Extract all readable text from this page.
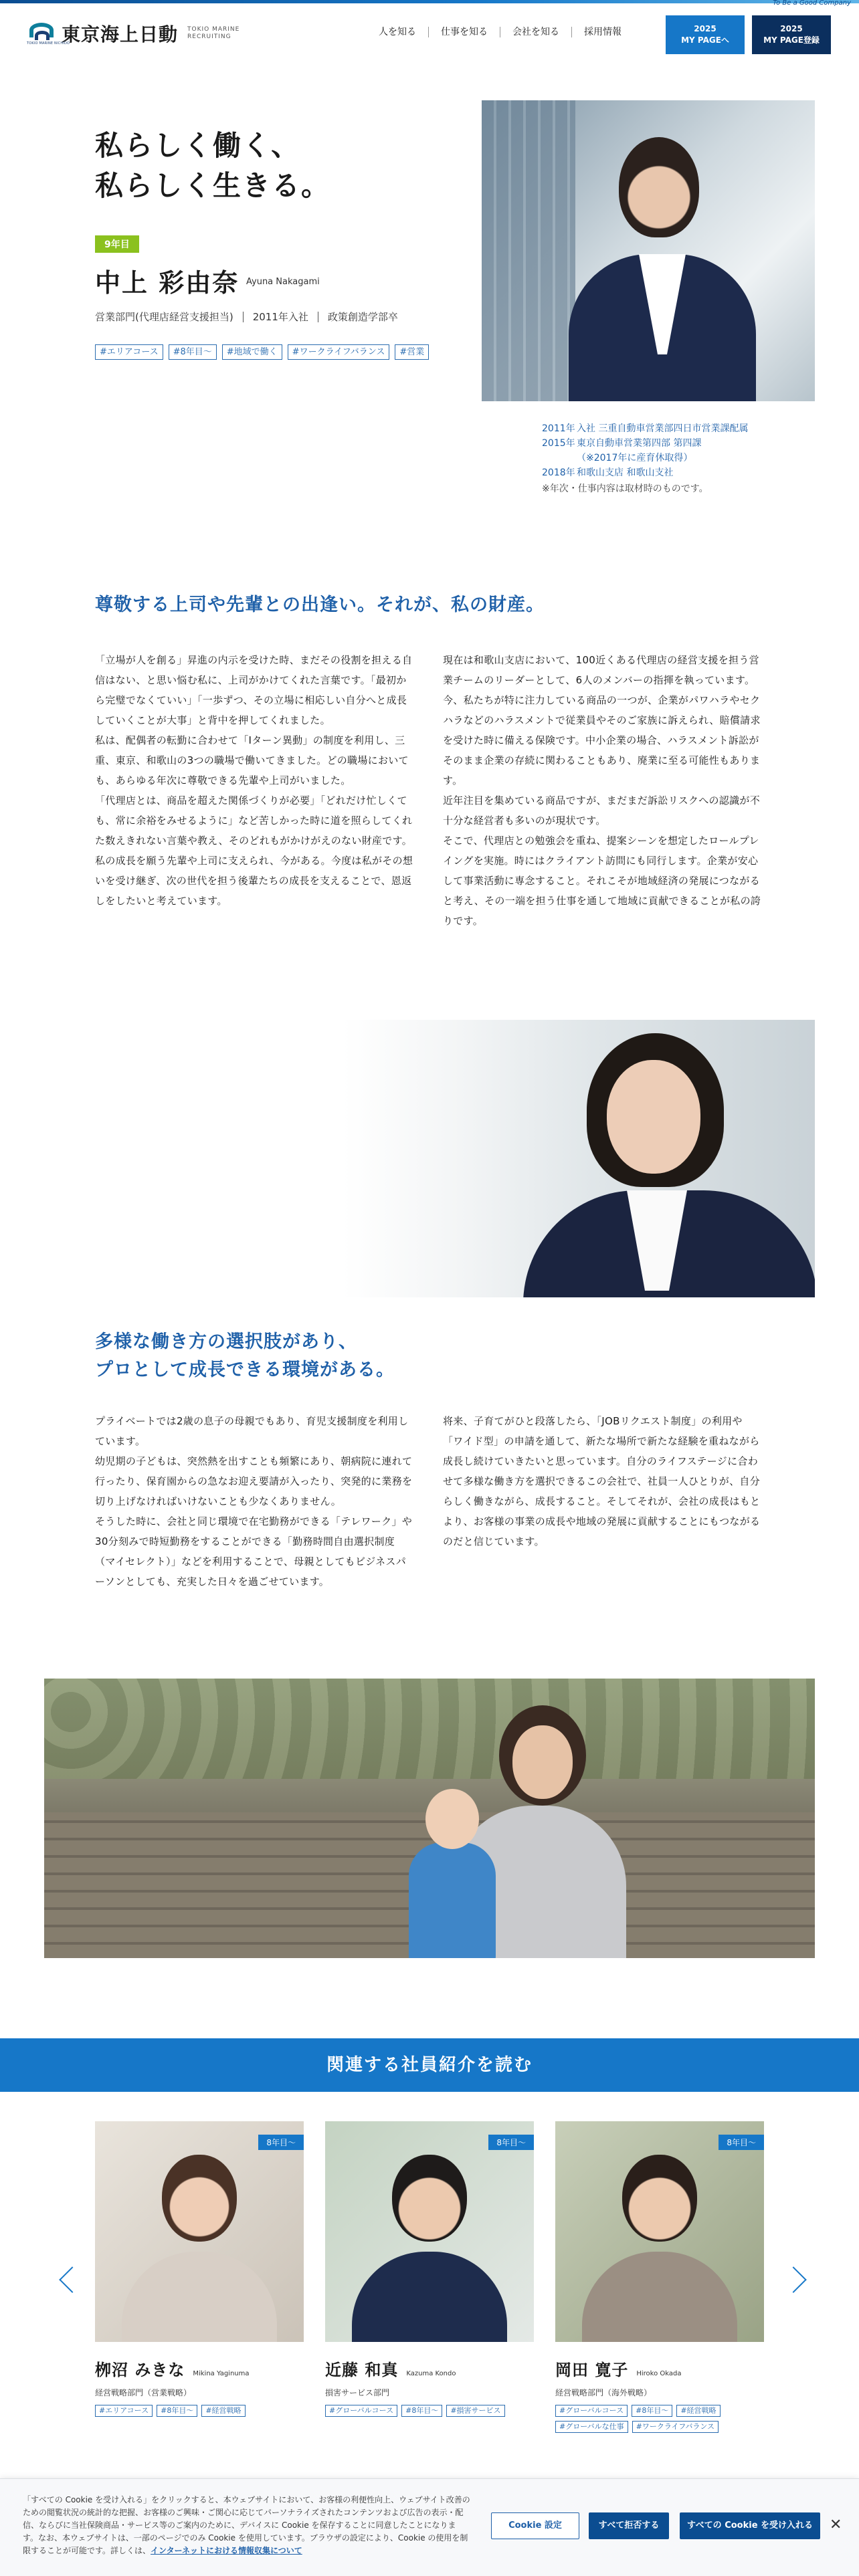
To Be a Good Company
TOKIO MARINE NICHIDO
東京海上日動 TOKIO MARINE
RECRUITING	人を知る	仕事を知る	会社を知る	採用情報	2025
MY PAGEへ
2025
MY PAGE登録
私らしく働く、
私らしく生きる。
9年目
中上 彩由奈 Ayuna Nakagami
営業部門(代理店経営支援担当)	2011年入社	政策創造学部卒
#エリアコース	#8年目〜	#地域で働く	#ワークライフバランス	#営業
2011年 入社 三重自動車営業部四日市営業課配属
2015年 東京自動車営業第四部 第四課
（※2017年に産育休取得）
2018年 和歌山支店 和歌山支社
※年次・仕事内容は取材時のものです。
尊敬する上司や先輩との出逢い。それが、私の財産。

「立場が人を創る」昇進の内示を受けた時、まだその役割を担える自信はない、と思い悩む私に、上司がかけてくれた言葉です。「最初から完璧でなくていい」「一歩ずつ、その立場に相応しい自分へと成長していくことが大事」と背中を押してくれました。

私は、配偶者の転勤に合わせて「Iターン異動」の制度を利用し、三重、東京、和歌山の3つの職場で働いてきました。どの職場においても、あらゆる年次に尊敬できる先輩や上司がいました。

「代理店とは、商品を超えた関係づくりが必要」「どれだけ忙しくても、常に余裕をみせるように」など苦しかった時に道を照らしてくれた数えきれない言葉や教え、そのどれもがかけがえのない財産です。

私の成長を願う先輩や上司に支えられ、今がある。今度は私がその想いを受け継ぎ、次の世代を担う後輩たちの成長を支えることで、恩返しをしたいと考えています。

現在は和歌山支店において、100近くある代理店の経営支援を担う営業チームのリーダーとして、6人のメンバーの指揮を執っています。今、私たちが特に注力している商品の一つが、企業がパワハラやセクハラなどのハラスメントで従業員やそのご家族に訴えられ、賠償請求を受けた時に備える保険です。中小企業の場合、ハラスメント訴訟がそのまま企業の存続に関わることもあり、廃業に至る可能性もあります。

近年注目を集めている商品ですが、まだまだ訴訟リスクへの認識が不十分な経営者も多いのが現状です。

そこで、代理店との勉強会を重ね、提案シーンを想定したロールプレイングを実施。時にはクライアント訪問にも同行します。企業が安心して事業活動に専念すること。それこそが地域経済の発展につながると考え、その一端を担う仕事を通して地域に貢献できることが私の誇りです。

多様な働き方の選択肢があり、
プロとして成長できる環境がある。

プライベートでは2歳の息子の母親でもあり、育児支援制度を利用しています。

幼児期の子どもは、突然熱を出すことも頻繁にあり、朝病院に連れて行ったり、保育園からの急なお迎え要請が入ったり、突発的に業務を切り上げなければいけないことも少なくありません。

そうした時に、会社と同じ環境で在宅勤務ができる「テレワーク」や30分刻みで時短勤務をすることができる「勤務時間自由選択制度（マイセレクト）」などを利用することで、母親としてもビジネスパーソンとしても、充実した日々を過ごせています。

将来、子育てがひと段落したら、「JOBリクエスト制度」の利用や「ワイド型」の申請を通して、新たな場所で新たな経験を重ねながら成長し続けていきたいと思っています。自分のライフステージに合わせて多様な働き方を選択できるこの会社で、社員一人ひとりが、自分らしく働きながら、成長すること。そしてそれが、会社の成長はもとより、お客様の事業の成長や地域の発展に貢献することにもつながるのだと信じています。

関連する社員紹介を読む
8年目〜
栁沼 みきな Mikina Yaginuma
経営戦略部門（営業戦略）
#エリアコース	#8年目〜	#経営戦略
8年目〜
近藤 和真 Kazuma Kondo
損害サービス部門
#グローバルコース	#8年目〜	#損害サービス
8年目〜
岡田 寛子 Hiroko Okada
経営戦略部門（海外戦略）
#グローバルコース	#8年目〜	#経営戦略
#グローバルな仕事	#ワークライフバランス
「すべての Cookie を受け入れる」をクリックすると、本ウェブサイトにおいて、お客様の利便性向上、ウェブサイト改善のための閲覧状況の統計的な把握、お客様のご興味・ご関心に応じてパーソナライズされたコンテンツおよび広告の表示・配信、ならびに当社保険商品・サービス等のご案内のために、デバイスに Cookie を保存することに同意したことになります。なお、本ウェブサイトは、一部のページでのみ Cookie を使用しています。ブラウザの設定により、Cookie の使用を制限することが可能です。詳しくは、インターネットにおける情報収集について
Cookie 設定	すべて拒否する	すべての Cookie を受け入れる	✕
